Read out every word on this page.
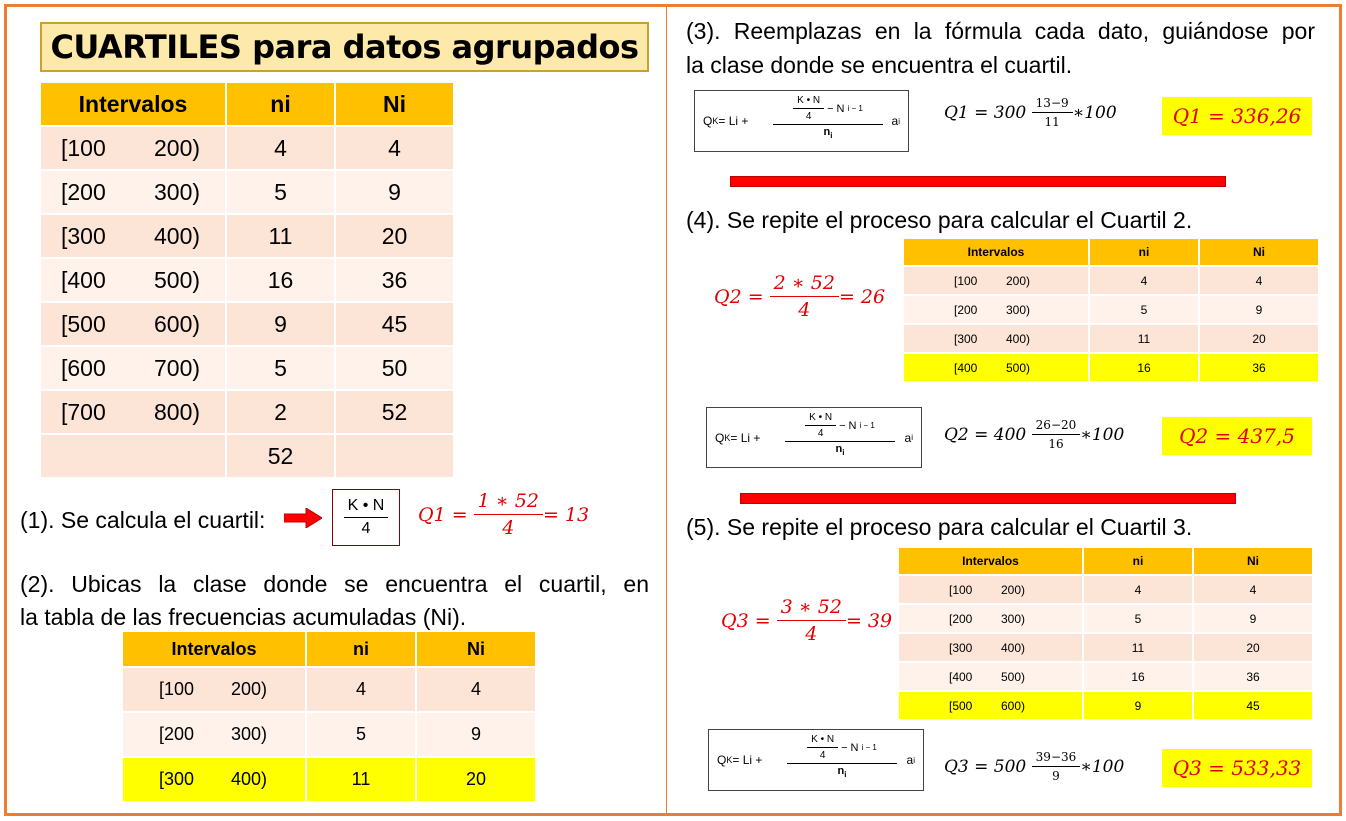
CUARTILES para datos agrupados
Intervalos	ni	Ni
[100 200)	4	4
[200 300)	5	9
[300 400)	11	20
[400 500)	16	36
[500 600)	9	45
[600 700)	5	50
[700 800)	2	52
	52	
(1). Se calcula el cuartil:	$\frac{K • N}{4} Q1$ =
$\frac{1 ∗ 52}{4} = 13$
(2). Ubicas la clase donde se encuentra el cuartil, en
la tabla de las frecuencias acumuladas (Ni).
Intervalos	ni	Ni
[100 200)	4	4
[200 300)	5	9
[300 400)	11	20
(3). Reemplazas en la fórmula cada dato, guiándose por
la clase donde se encuentra el cuartil.
Q K = Li +	$\frac{K • N}{4} - N$ i − 1
$n_i$
a i	Q1 = 300
$\frac{13-9}{11}$ ∗100	Q1 = 336,26
(4). Se repite el proceso para calcular el Cuartil 2.
Q2 =
$\frac{2 ∗ 52}{4} = 26$
Intervalos	ni	Ni
[100 200)	4	4
[200 300)	5	9
[300 400)	11	20
[400 500)	16	36
Q K = Li +	$\frac{K • N}{4} - N$ i − 1
$n_i$
a i Q2 = 400
$\frac{26-20}{16}$ ∗100	Q2 = 437,5
(5). Se repite el proceso para calcular el Cuartil 3.
Q3 =
$\frac{3 ∗ 52}{4} = 39$
Intervalos	ni	Ni
[100 200)	4	4
[200 300)	5	9
[300 400)	11	20
[400 500)	16	36
[500 600)	9	45
Q K = Li +	$\frac{K • N}{4} - N$ i − 1
$n_i$
a i Q3 = 500
$\frac{39-36}{9}$ ∗100	Q3 = 533,33
